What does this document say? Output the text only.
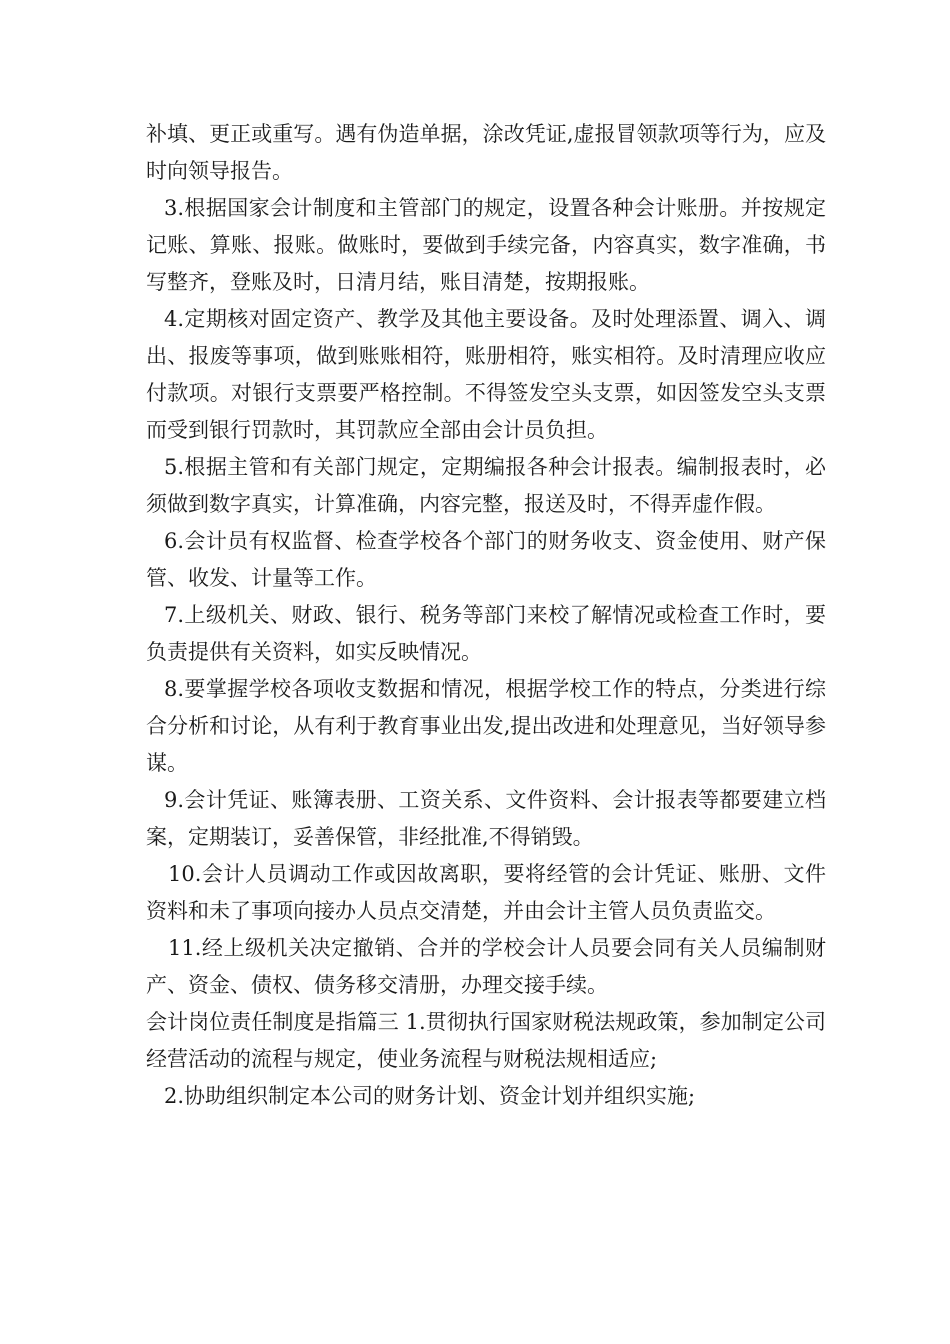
补填、更正或重写。遇有伪造单据，涂改凭证,虚报冒领款项等行为，应及时向领导报告。

3.根据国家会计制度和主管部门的规定，设置各种会计账册。并按规定记账、算账、报账。做账时，要做到手续完备，内容真实，数字准确，书写整齐，登账及时，日清月结，账目清楚，按期报账。

4.定期核对固定资产、教学及其他主要设备。及时处理添置、调入、调出、报废等事项，做到账账相符，账册相符，账实相符。及时清理应收应付款项。对银行支票要严格控制。不得签发空头支票，如因签发空头支票而受到银行罚款时，其罚款应全部由会计员负担。

5.根据主管和有关部门规定，定期编报各种会计报表。编制报表时，必须做到数字真实，计算准确，内容完整，报送及时，不得弄虚作假。

6.会计员有权监督、检查学校各个部门的财务收支、资金使用、财产保管、收发、计量等工作。

7.上级机关、财政、银行、税务等部门来校了解情况或检查工作时，要负责提供有关资料，如实反映情况。

8.要掌握学校各项收支数据和情况，根据学校工作的特点，分类进行综合分析和讨论，从有利于教育事业出发,提出改进和处理意见，当好领导参谋。

9.会计凭证、账簿表册、工资关系、文件资料、会计报表等都要建立档案，定期装订，妥善保管，非经批准,不得销毁。

10.会计人员调动工作或因故离职，要将经管的会计凭证、账册、文件资料和未了事项向接办人员点交清楚，并由会计主管人员负责监交。

11.经上级机关决定撤销、合并的学校会计人员要会同有关人员编制财产、资金、债权、债务移交清册，办理交接手续。

会计岗位责任制度是指篇三 1.贯彻执行国家财税法规政策，参加制定公司经营活动的流程与规定，使业务流程与财税法规相适应;

2.协助组织制定本公司的财务计划、资金计划并组织实施;
